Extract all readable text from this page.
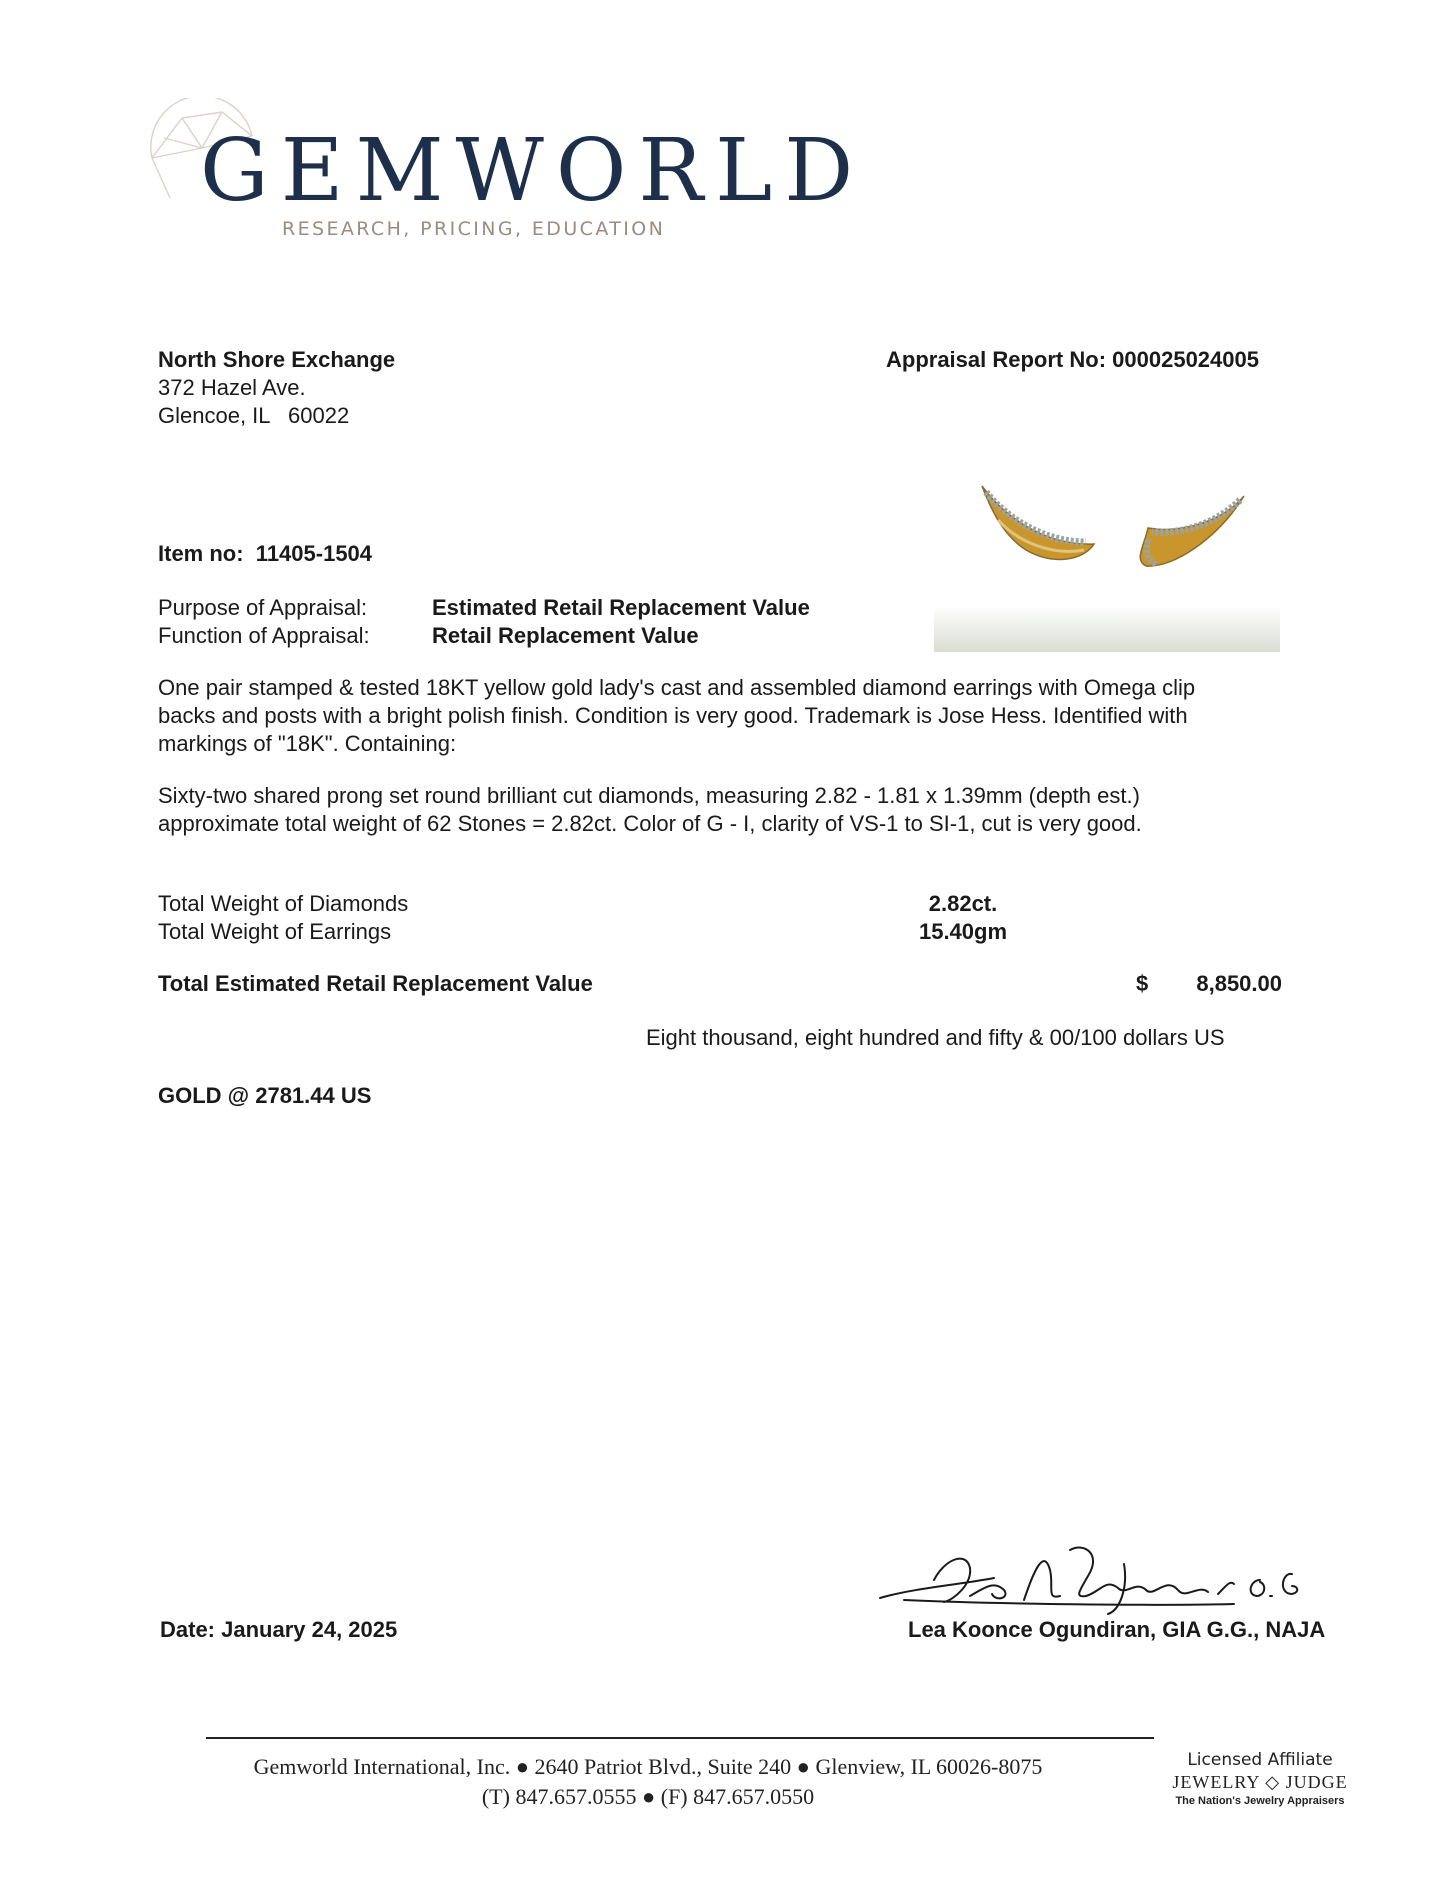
GEMWORLD
RESEARCH, PRICING, EDUCATION
North Shore Exchange
372 Hazel Ave.
Glencoe, IL   60022
Appraisal Report No: 000025024005
Item no: 11405-1504
Purpose of Appraisal:	Estimated Retail Replacement Value
Function of Appraisal:	Retail Replacement Value
One pair stamped & tested 18KT yellow gold lady's cast and assembled diamond earrings with Omega clip backs and posts with a bright polish finish. Condition is very good. Trademark is Jose Hess. Identified with markings of "18K". Containing:
Sixty-two shared prong set round brilliant cut diamonds, measuring 2.82 - 1.81 x 1.39mm (depth est.) approximate total weight of 62 Stones = 2.82ct. Color of G - I, clarity of VS-1 to SI-1, cut is very good.
Total Weight of Diamonds	2.82ct.
Total Weight of Earrings	15.40gm
Total Estimated Retail Replacement Value	$	8,850.00
Eight thousand, eight hundred and fifty & 00/100 dollars US
GOLD @ 2781.44 US
Date: January 24, 2025	Lea Koonce Ogundiran, GIA G.G., NAJA
Gemworld International, Inc. ● 2640 Patriot Blvd., Suite 240 ● Glenview, IL 60026-8075
(T) 847.657.0555 ● (F) 847.657.0550
Licensed Affiliate
JEWELRY ◇ JUDGE
The Nation's Jewelry Appraisers
